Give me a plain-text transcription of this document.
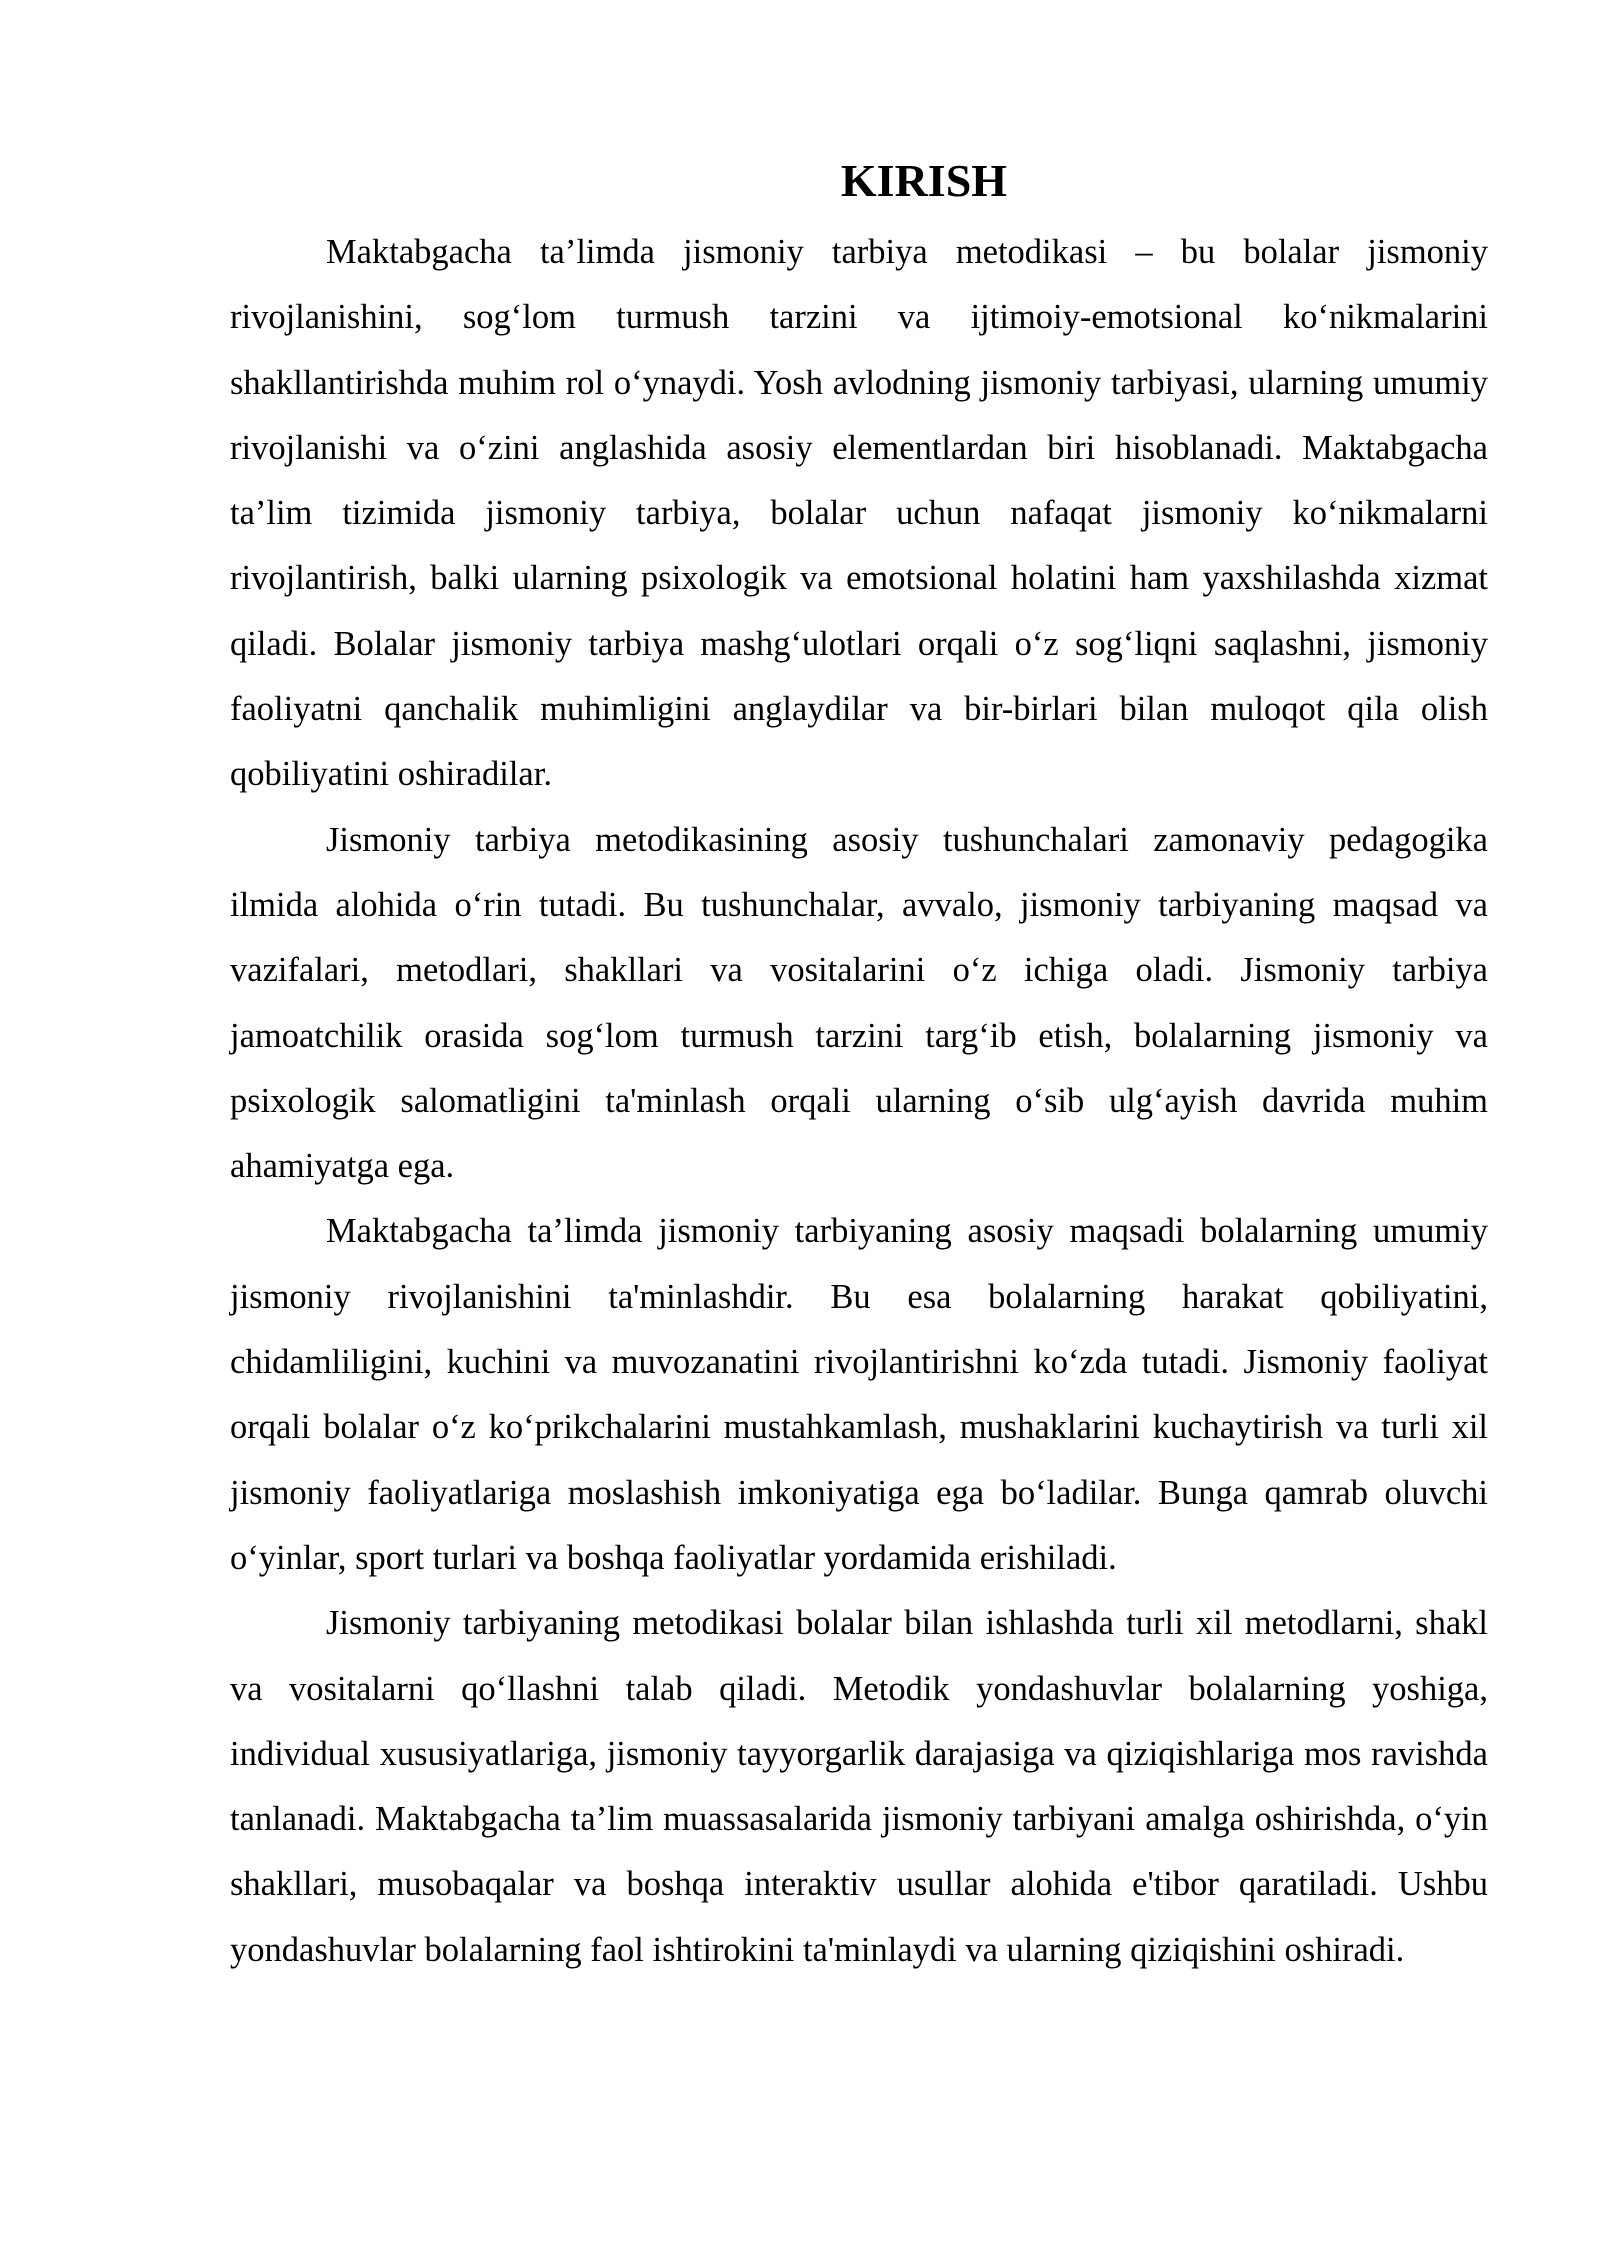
KIRISH

Maktabgacha ta’limda jismoniy tarbiya metodikasi – bu bolalar jismoniy rivojlanishini, sog‘lom turmush tarzini va ijtimoiy-emotsional ko‘nikmalarini shakllantirishda muhim rol o‘ynaydi. Yosh avlodning jismoniy tarbiyasi, ularning umumiy rivojlanishi va o‘zini anglashida asosiy elementlardan biri hisoblanadi. Maktabgacha ta’lim tizimida jismoniy tarbiya, bolalar uchun nafaqat jismoniy ko‘nikmalarni rivojlantirish, balki ularning psixologik va emotsional holatini ham yaxshilashda xizmat qiladi. Bolalar jismoniy tarbiya mashg‘ulotlari orqali o‘z sog‘liqni saqlashni, jismoniy faoliyatni qanchalik muhimligini anglaydilar va bir-birlari bilan muloqot qila olish qobiliyatini oshiradilar.

Jismoniy tarbiya metodikasining asosiy tushunchalari zamonaviy pedagogika ilmida alohida o‘rin tutadi. Bu tushunchalar, avvalo, jismoniy tarbiyaning maqsad va vazifalari, metodlari, shakllari va vositalarini o‘z ichiga oladi. Jismoniy tarbiya jamoatchilik orasida sog‘lom turmush tarzini targ‘ib etish, bolalarning jismoniy va psixologik salomatligini ta'minlash orqali ularning o‘sib ulg‘ayish davrida muhim ahamiyatga ega.

Maktabgacha ta’limda jismoniy tarbiyaning asosiy maqsadi bolalarning umumiy jismoniy rivojlanishini ta'minlashdir. Bu esa bolalarning harakat qobiliyatini, chidamliligini, kuchini va muvozanatini rivojlantirishni ko‘zda tutadi. Jismoniy faoliyat orqali bolalar o‘z ko‘prikchalarini mustahkamlash, mushaklarini kuchaytirish va turli xil jismoniy faoliyatlariga moslashish imkoniyatiga ega bo‘ladilar. Bunga qamrab oluvchi o‘yinlar, sport turlari va boshqa faoliyatlar yordamida erishiladi.

Jismoniy tarbiyaning metodikasi bolalar bilan ishlashda turli xil metodlarni, shakl va vositalarni qo‘llashni talab qiladi. Metodik yondashuvlar bolalarning yoshiga, individual xususiyatlariga, jismoniy tayyorgarlik darajasiga va qiziqishlariga mos ravishda tanlanadi. Maktabgacha ta’lim muassasalarida jismoniy tarbiyani amalga oshirishda, o‘yin shakllari, musobaqalar va boshqa interaktiv usullar alohida e'tibor qaratiladi. Ushbu yondashuvlar bolalarning faol ishtirokini ta'minlaydi va ularning qiziqishini oshiradi.
